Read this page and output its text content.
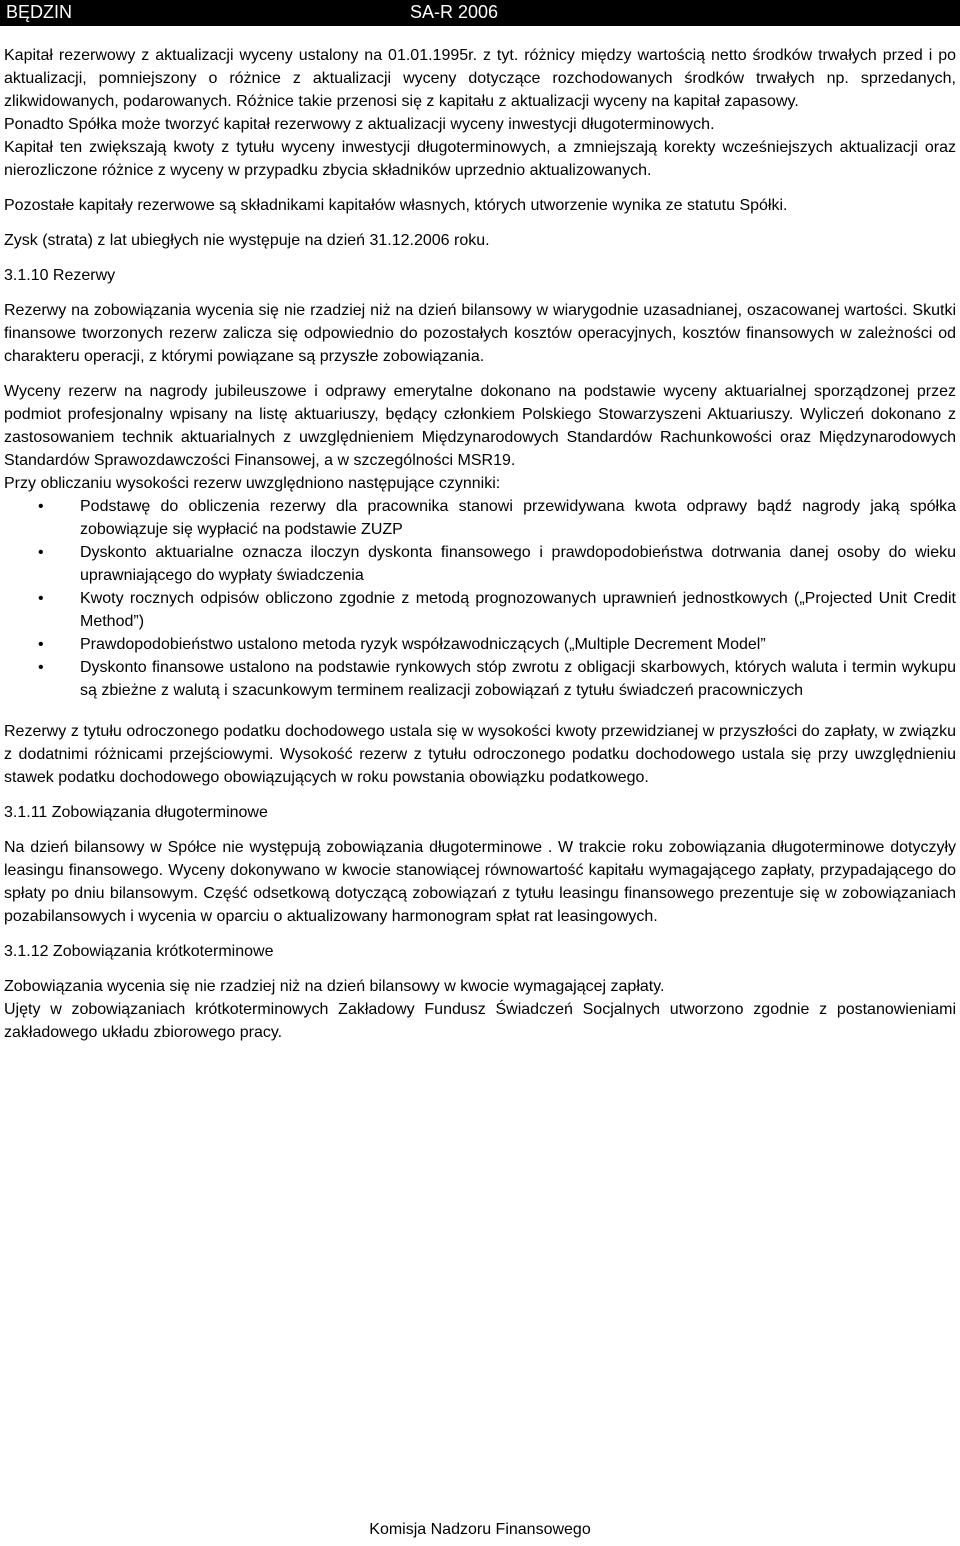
BĘDZIN	SA-R 2006

Kapitał rezerwowy z aktualizacji wyceny ustalony na 01.01.1995r. z tyt. różnicy między wartością netto środków trwałych przed i po aktualizacji, pomniejszony o różnice z aktualizacji wyceny dotyczące rozchodowanych środków trwałych np. sprzedanych, zlikwidowanych, podarowanych. Różnice takie przenosi się z kapitału z aktualizacji wyceny na kapitał zapasowy.

Ponadto Spółka może tworzyć kapitał rezerwowy z aktualizacji wyceny inwestycji długoterminowych.

Kapitał ten zwiększają kwoty z tytułu wyceny inwestycji długoterminowych, a zmniejszają korekty wcześniejszych aktualizacji oraz nierozliczone różnice z wyceny w przypadku zbycia składników uprzednio aktualizowanych.

Pozostałe kapitały rezerwowe są składnikami kapitałów własnych, których utworzenie wynika ze statutu Spółki.

Zysk (strata) z lat ubiegłych nie występuje na dzień 31.12.2006 roku.

3.1.10 Rezerwy

Rezerwy na zobowiązania wycenia się nie rzadziej niż na dzień bilansowy w wiarygodnie uzasadnianej, oszacowanej wartości. Skutki finansowe tworzonych rezerw zalicza się odpowiednio do pozostałych kosztów operacyjnych, kosztów finansowych w zależności od charakteru operacji, z którymi powiązane są przyszłe zobowiązania.

Wyceny rezerw na nagrody jubileuszowe i odprawy emerytalne dokonano na podstawie wyceny aktuarialnej sporządzonej przez podmiot profesjonalny wpisany na listę aktuariuszy, będący członkiem Polskiego Stowarzyszeni Aktuariuszy. Wyliczeń dokonano z zastosowaniem technik aktuarialnych z uwzględnieniem Międzynarodowych Standardów Rachunkowości oraz Międzynarodowych Standardów Sprawozdawczości Finansowej, a w szczególności MSR19.

Przy obliczaniu wysokości rezerw uwzględniono następujące czynniki:

• Podstawę do obliczenia rezerwy dla pracownika stanowi przewidywana kwota odprawy bądź nagrody jaką spółka zobowiązuje się wypłacić na podstawie ZUZP
• Dyskonto aktuarialne oznacza iloczyn dyskonta finansowego i prawdopodobieństwa dotrwania danej osoby do wieku uprawniającego do wypłaty świadczenia
• Kwoty rocznych odpisów obliczono zgodnie z metodą prognozowanych uprawnień jednostkowych („Projected Unit Credit Method”)
• Prawdopodobieństwo ustalono metoda ryzyk współzawodniczących („Multiple Decrement Model”
• Dyskonto finansowe ustalono na podstawie rynkowych stóp zwrotu z obligacji skarbowych, których waluta i termin wykupu są zbieżne z walutą i szacunkowym terminem realizacji zobowiązań z tytułu świadczeń pracowniczych

Rezerwy z tytułu odroczonego podatku dochodowego ustala się w wysokości kwoty przewidzianej w przyszłości do zapłaty, w związku z dodatnimi różnicami przejściowymi. Wysokość rezerw z tytułu odroczonego podatku dochodowego ustala się przy uwzględnieniu stawek podatku dochodowego obowiązujących w roku powstania obowiązku podatkowego.

3.1.11 Zobowiązania długoterminowe

Na dzień bilansowy w Spółce nie występują zobowiązania długoterminowe . W trakcie roku zobowiązania długoterminowe dotyczyły leasingu finansowego. Wyceny dokonywano w kwocie stanowiącej równowartość kapitału wymagającego zapłaty, przypadającego do spłaty po dniu bilansowym. Część odsetkową dotyczącą zobowiązań z tytułu leasingu finansowego prezentuje się w zobowiązaniach pozabilansowych i wycenia w oparciu o aktualizowany harmonogram spłat rat leasingowych.

3.1.12 Zobowiązania krótkoterminowe

Zobowiązania wycenia się nie rzadziej niż na dzień bilansowy w kwocie wymagającej zapłaty.

Ujęty w zobowiązaniach krótkoterminowych Zakładowy Fundusz Świadczeń Socjalnych utworzono zgodnie z postanowieniami zakładowego układu zbiorowego pracy.

Komisja Nadzoru Finansowego
